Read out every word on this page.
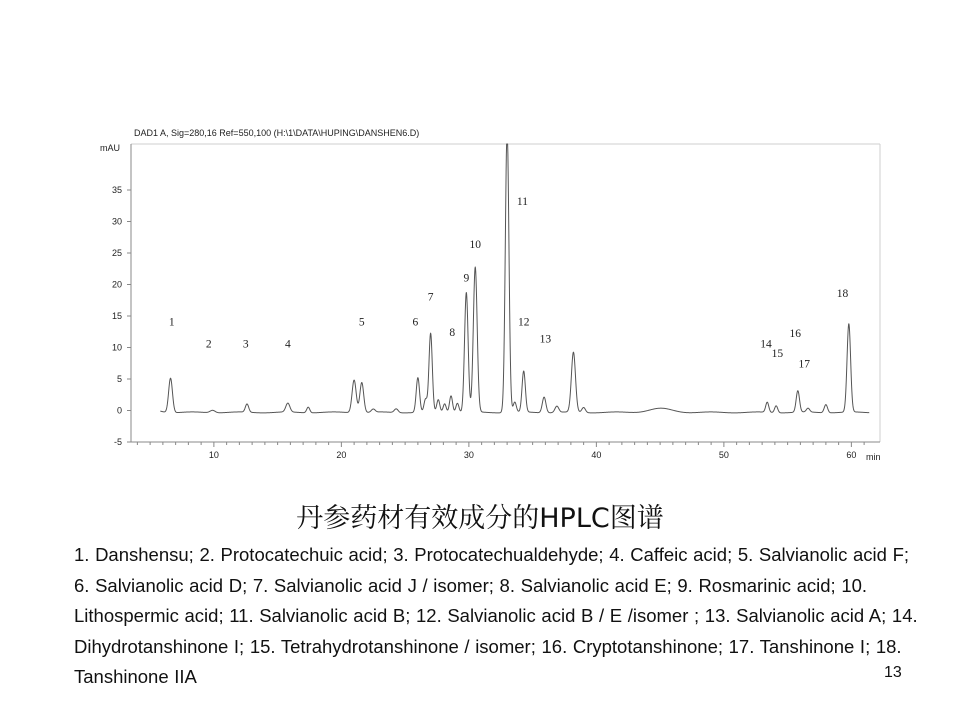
DAD1 A, Sig=280,16 Ref=550,100 (H:\1\DATA\HUPING\DANSHEN6.D)
mAU
min
-5
0
5
10
15
20
25
30
35
10	20	30	40	50	60
1
2	3	4
5	6
7
8
9
10
11
12
13	14
15
16
17
18
丹参药材有效成分的HPLC图谱
1. Danshensu; 2. Protocatechuic acid; 3. Protocatechualdehyde; 4. Caffeic acid; 5. Salvianolic acid F; 6. Salvianolic acid D; 7. Salvianolic acid J / isomer; 8. Salvianolic acid E; 9. Rosmarinic acid; 10. Lithospermic acid; 11. Salvianolic acid B; 12. Salvianolic acid B / E /isomer ; 13. Salvianolic acid A; 14. Dihydrotanshinone I; 15. Tetrahydrotanshinone / isomer; 16. Cryptotanshinone; 17. Tanshinone I; 18. Tanshinone IIA	13
